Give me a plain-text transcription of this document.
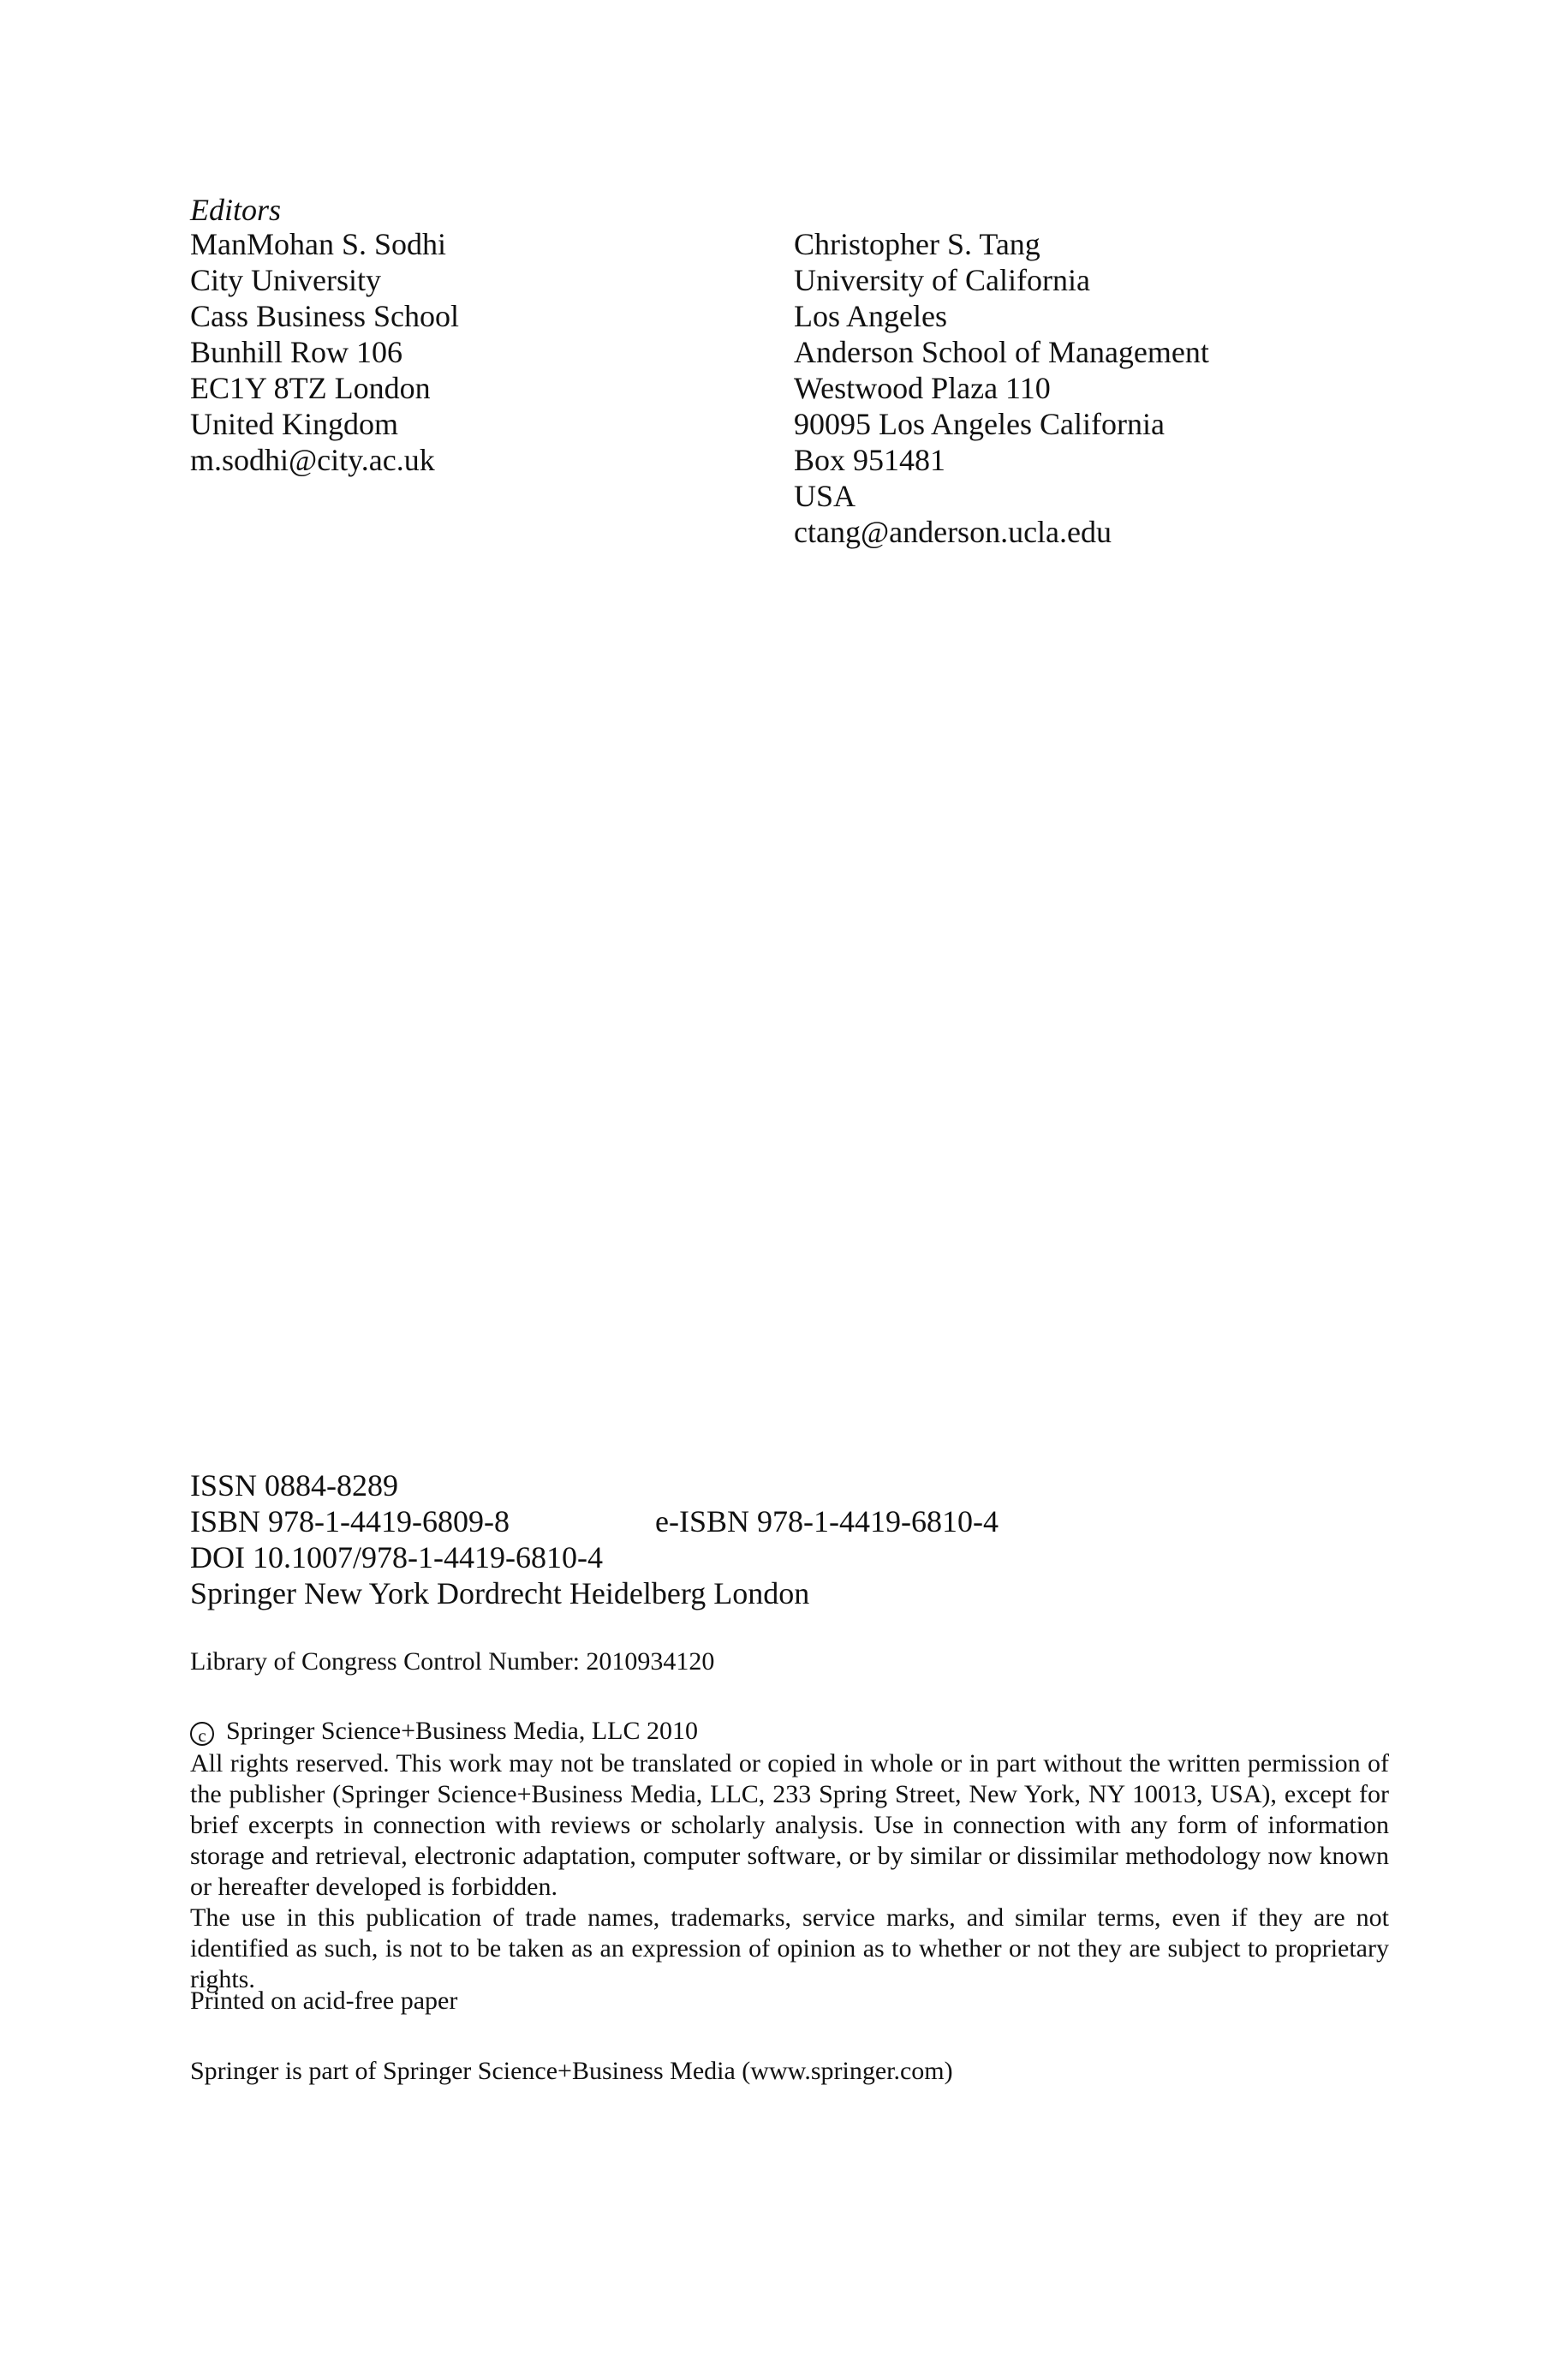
Editors
ManMohan S. Sodhi
City University
Cass Business School
Bunhill Row 106
EC1Y 8TZ London
United Kingdom
m.sodhi@city.ac.uk
Christopher S. Tang
University of California
Los Angeles
Anderson School of Management
Westwood Plaza 110
90095 Los Angeles California
Box 951481
USA
ctang@anderson.ucla.edu
ISSN 0884-8289
ISBN 978-1-4419-6809-8	e-ISBN 978-1-4419-6810-4
DOI 10.1007/978-1-4419-6810-4
Springer New York Dordrecht Heidelberg London
Library of Congress Control Number: 2010934120
c Springer Science+Business Media, LLC 2010

All rights reserved. This work may not be translated or copied in whole or in part without the written permission of the publisher (Springer Science+Business Media, LLC, 233 Spring Street, New York, NY 10013, USA), except for brief excerpts in connection with reviews or scholarly analysis. Use in connection with any form of information storage and retrieval, electronic adaptation, computer software, or by similar or dissimilar methodology now known or hereafter developed is forbidden.

The use in this publication of trade names, trademarks, service marks, and similar terms, even if they are not identified as such, is not to be taken as an expression of opinion as to whether or not they are subject to proprietary rights.

Printed on acid-free paper
Springer is part of Springer Science+Business Media (www.springer.com)
